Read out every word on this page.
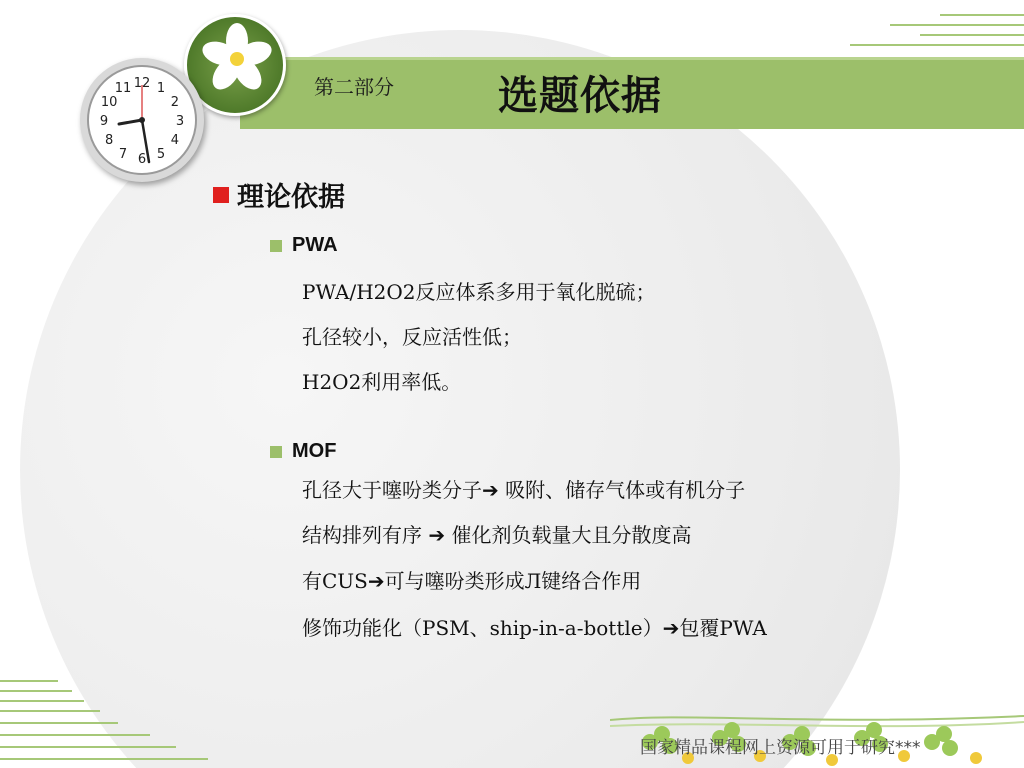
12 1
2
3
4
5
6
7
8
9
10
11	第二部分	选题依据
理论依据
PWA
PWA/H2O2反应体系多用于氧化脱硫；
孔径较小，反应活性低；
H2O2利用率低。
MOF
孔径大于噻吩类分子➔ 吸附、储存气体或有机分子
结构排列有序 ➔ 催化剂负载量大且分散度高
有CUS➔可与噻吩类形成Л键络合作用
修饰功能化（PSM、ship-in-a-bottle）➔包覆PWA
国家精品课程网上资源可用于研究***
